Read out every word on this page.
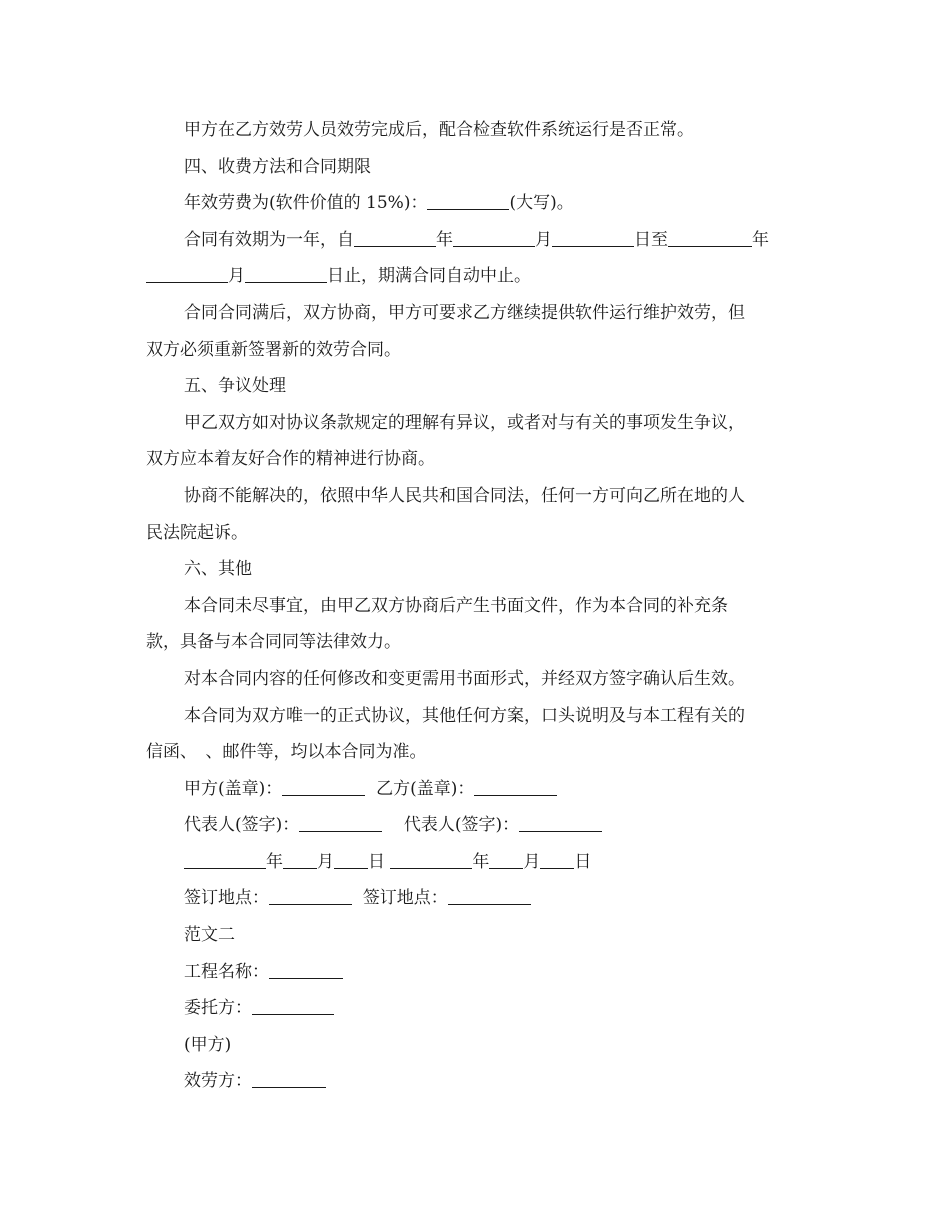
甲方在乙方效劳人员效劳完成后，配合检查软件系统运行是否正常。
四、收费方法和合同期限
年效劳费为(软件价值的 15%)：	(大写)。
合同有效期为一年，自	年	月	日至	年
月	日止，期满合同自动中止。
合同合同满后，双方协商，甲方可要求乙方继续提供软件运行维护效劳，但
双方必须重新签署新的效劳合同。
五、争议处理
甲乙双方如对协议条款规定的理解有异议，或者对与有关的事项发生争议，
双方应本着友好合作的精神进行协商。
协商不能解决的，依照中华人民共和国合同法，任何一方可向乙所在地的人
民法院起诉。
六、其他
本合同未尽事宜，由甲乙双方协商后产生书面文件，作为本合同的补充条
款，具备与本合同同等法律效力。
对本合同内容的任何修改和变更需用书面形式，并经双方签字确认后生效。
本合同为双方唯一的正式协议，其他任何方案，口头说明及与本工程有关的
信函、　、邮件等，均以本合同为准。
甲方(盖章)：	乙方(盖章)：
代表人(签字)：	代表人(签字)：
年 月 日	年 月 日
签订地点：	签订地点：
范文二
工程名称：
委托方：
(甲方)
效劳方：
